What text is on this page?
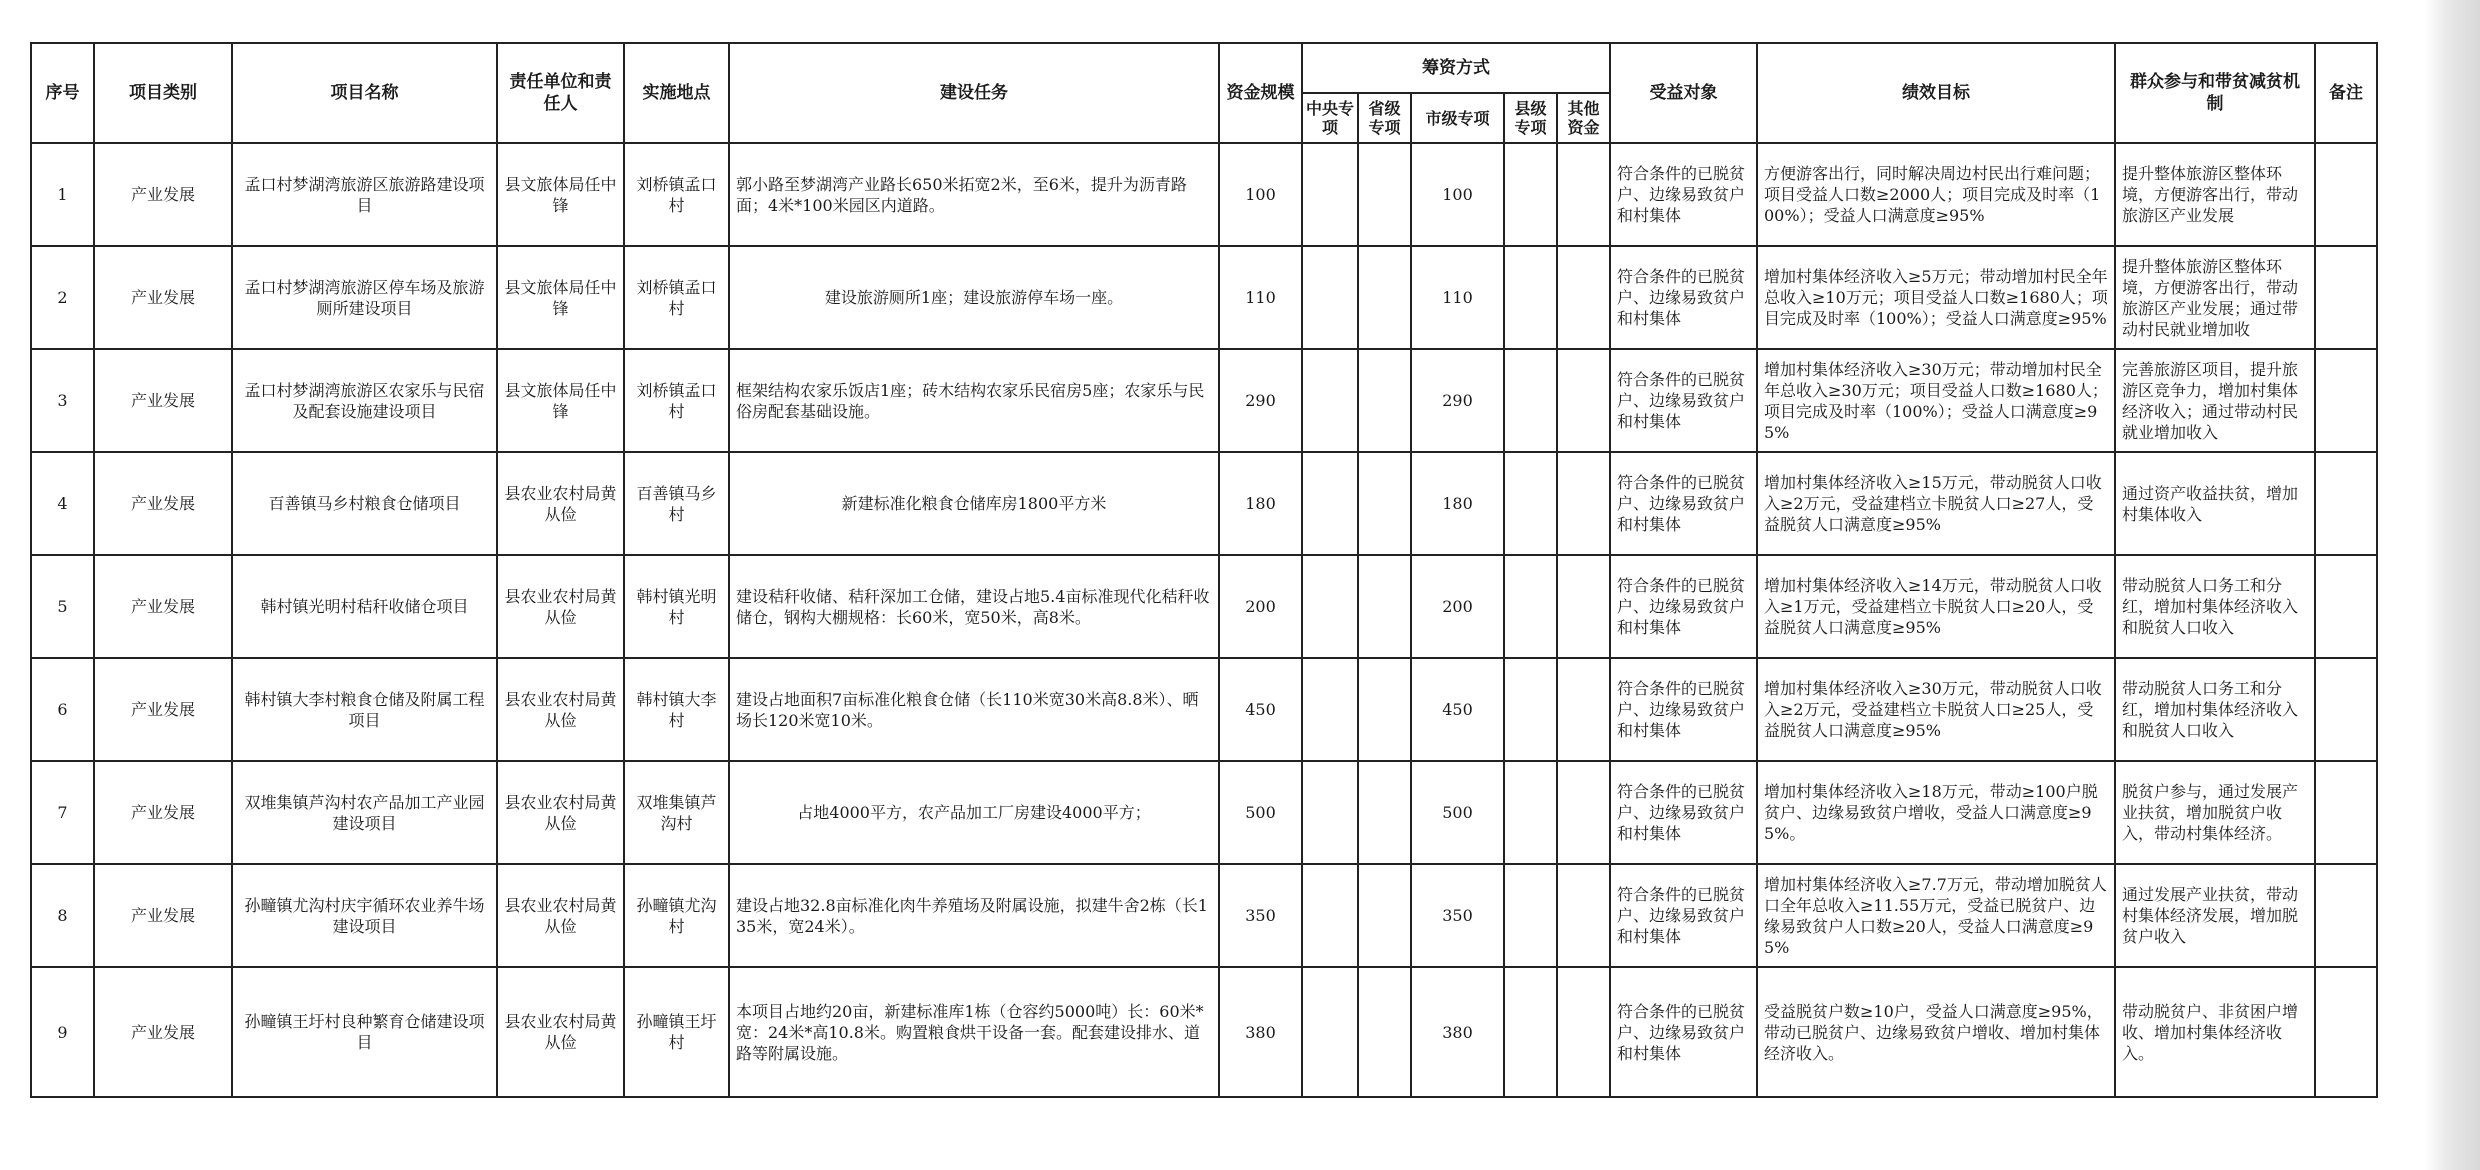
序号	项目类别	项目名称	责任单位和责任人	实施地点	建设任务	资金规模	筹资方式					受益对象	绩效目标	群众参与和带贫减贫机制	备注
							中央专项	省级专项	市级专项	县级专项	其他资金				
1	产业发展	孟口村梦湖湾旅游区旅游路建设项目	县文旅体局任中锋	刘桥镇孟口村	郭小路至梦湖湾产业路长650米拓宽2米，至6米，提升为沥青路面；4米*100米园区内道路。	100			100			符合条件的已脱贫户、边缘易致贫户和村集体	方便游客出行，同时解决周边村民出行难问题；项目受益人口数≥2000人；项目完成及时率（100%）；受益人口满意度≥95%	提升整体旅游区整体环境，方便游客出行，带动旅游区产业发展	
2	产业发展	孟口村梦湖湾旅游区停车场及旅游厕所建设项目	县文旅体局任中锋	刘桥镇孟口村	建设旅游厕所1座；建设旅游停车场一座。	110			110			符合条件的已脱贫户、边缘易致贫户和村集体	增加村集体经济收入≥5万元；带动增加村民全年总收入≥10万元；项目受益人口数≥1680人；项目完成及时率（100%）；受益人口满意度≥95%	提升整体旅游区整体环境，方便游客出行，带动旅游区产业发展；通过带动村民就业增加收	
3	产业发展	孟口村梦湖湾旅游区农家乐与民宿及配套设施建设项目	县文旅体局任中锋	刘桥镇孟口村	框架结构农家乐饭店1座；砖木结构农家乐民宿房5座；农家乐与民俗房配套基础设施。	290			290			符合条件的已脱贫户、边缘易致贫户和村集体	增加村集体经济收入≥30万元；带动增加村民全年总收入≥30万元；项目受益人口数≥1680人；项目完成及时率（100%）；受益人口满意度≥95%	完善旅游区项目，提升旅游区竞争力，增加村集体经济收入；通过带动村民就业增加收入	
4	产业发展	百善镇马乡村粮食仓储项目	县农业农村局黄从俭	百善镇马乡村	新建标准化粮食仓储库房1800平方米	180			180			符合条件的已脱贫户、边缘易致贫户和村集体	增加村集体经济收入≥15万元，带动脱贫人口收入≥2万元，受益建档立卡脱贫人口≥27人，受益脱贫人口满意度≥95%	通过资产收益扶贫，增加村集体收入	
5	产业发展	韩村镇光明村秸秆收储仓项目	县农业农村局黄从俭	韩村镇光明村	建设秸秆收储、秸秆深加工仓储，建设占地5.4亩标准现代化秸秆收储仓，钢构大棚规格：长60米，宽50米，高8米。	200			200			符合条件的已脱贫户、边缘易致贫户和村集体	增加村集体经济收入≥14万元，带动脱贫人口收入≥1万元，受益建档立卡脱贫人口≥20人，受益脱贫人口满意度≥95%	带动脱贫人口务工和分红，增加村集体经济收入和脱贫人口收入	
6	产业发展	韩村镇大李村粮食仓储及附属工程项目	县农业农村局黄从俭	韩村镇大李村	建设占地面积7亩标准化粮食仓储（长110米宽30米高8.8米）、晒场长120米宽10米。	450			450			符合条件的已脱贫户、边缘易致贫户和村集体	增加村集体经济收入≥30万元，带动脱贫人口收入≥2万元，受益建档立卡脱贫人口≥25人，受益脱贫人口满意度≥95%	带动脱贫人口务工和分红，增加村集体经济收入和脱贫人口收入	
7	产业发展	双堆集镇芦沟村农产品加工产业园建设项目	县农业农村局黄从俭	双堆集镇芦沟村	占地4000平方，农产品加工厂房建设4000平方；	500			500			符合条件的已脱贫户、边缘易致贫户和村集体	增加村集体经济收入≥18万元，带动≥100户脱贫户、边缘易致贫户增收，受益人口满意度≥95%。	脱贫户参与，通过发展产业扶贫，增加脱贫户收入，带动村集体经济。	
8	产业发展	孙疃镇尤沟村庆宇循环农业养牛场建设项目	县农业农村局黄从俭	孙疃镇尤沟村	建设占地32.8亩标准化肉牛养殖场及附属设施，拟建牛舍2栋（长135米，宽24米）。	350			350			符合条件的已脱贫户、边缘易致贫户和村集体	增加村集体经济收入≥7.7万元，带动增加脱贫人口全年总收入≥11.55万元，受益已脱贫户、边缘易致贫户人口数≥20人，受益人口满意度≥95%	通过发展产业扶贫，带动村集体经济发展，增加脱贫户收入	
9	产业发展	孙疃镇王圩村良种繁育仓储建设项目	县农业农村局黄从俭	孙疃镇王圩村	本项目占地约20亩，新建标准库1栋（仓容约5000吨）长：60米*宽：24米*高10.8米。购置粮食烘干设备一套。配套建设排水、道路等附属设施。	380			380			符合条件的已脱贫户、边缘易致贫户和村集体	受益脱贫户数≥10户，受益人口满意度≥95%，带动已脱贫户、边缘易致贫户增收、增加村集体经济收入。	带动脱贫户、非贫困户增收、增加村集体经济收入。	
